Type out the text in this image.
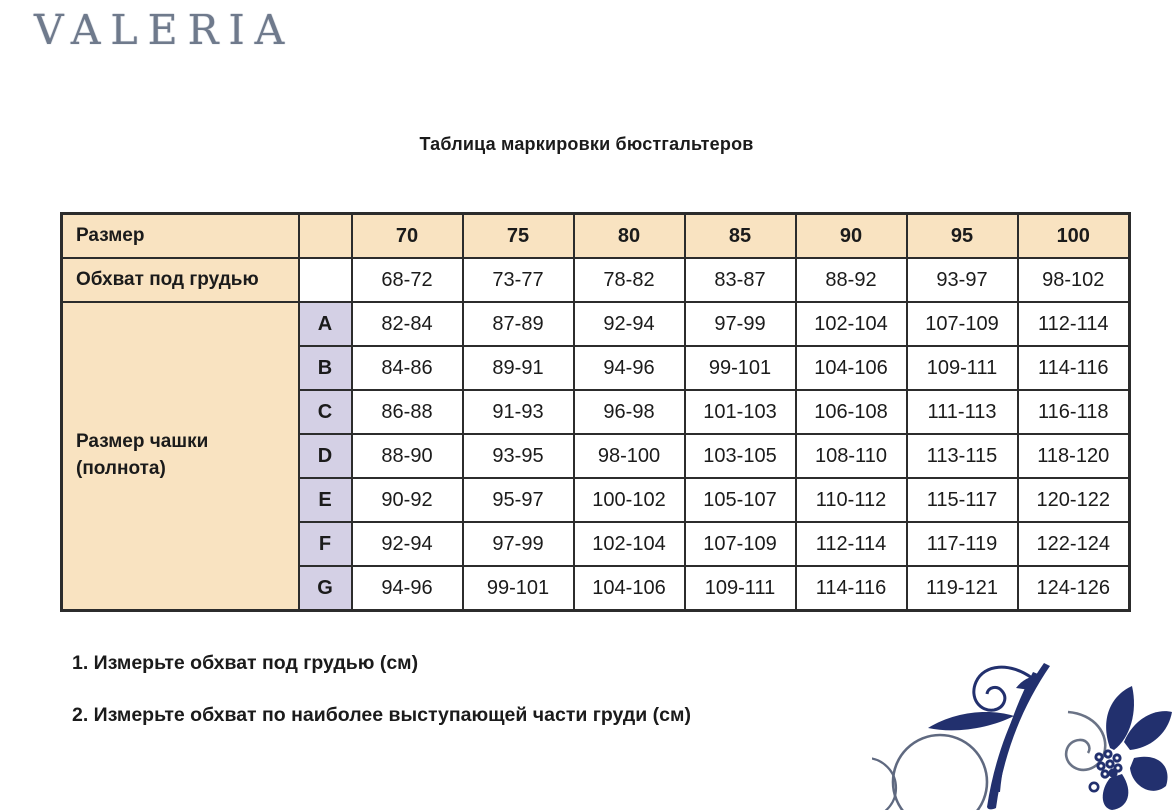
VALERIA
Таблица маркировки бюстгальтеров
Размер		70	75	80	85	90	95	100
Обхват под грудью		68-72	73-77	78-82	83-87	88-92	93-97	98-102
Размер чашки (полнота)	A	82-84	87-89	92-94	97-99	102-104	107-109	112-114
	B	84-86	89-91	94-96	99-101	104-106	109-111	114-116
	C	86-88	91-93	96-98	101-103	106-108	111-113	116-118
	D	88-90	93-95	98-100	103-105	108-110	113-115	118-120
	E	90-92	95-97	100-102	105-107	110-112	115-117	120-122
	F	92-94	97-99	102-104	107-109	112-114	117-119	122-124
	G	94-96	99-101	104-106	109-111	114-116	119-121	124-126

1. Измерьте обхват под грудью (см)

2. Измерьте обхват по наиболее выступающей части груди (см)
